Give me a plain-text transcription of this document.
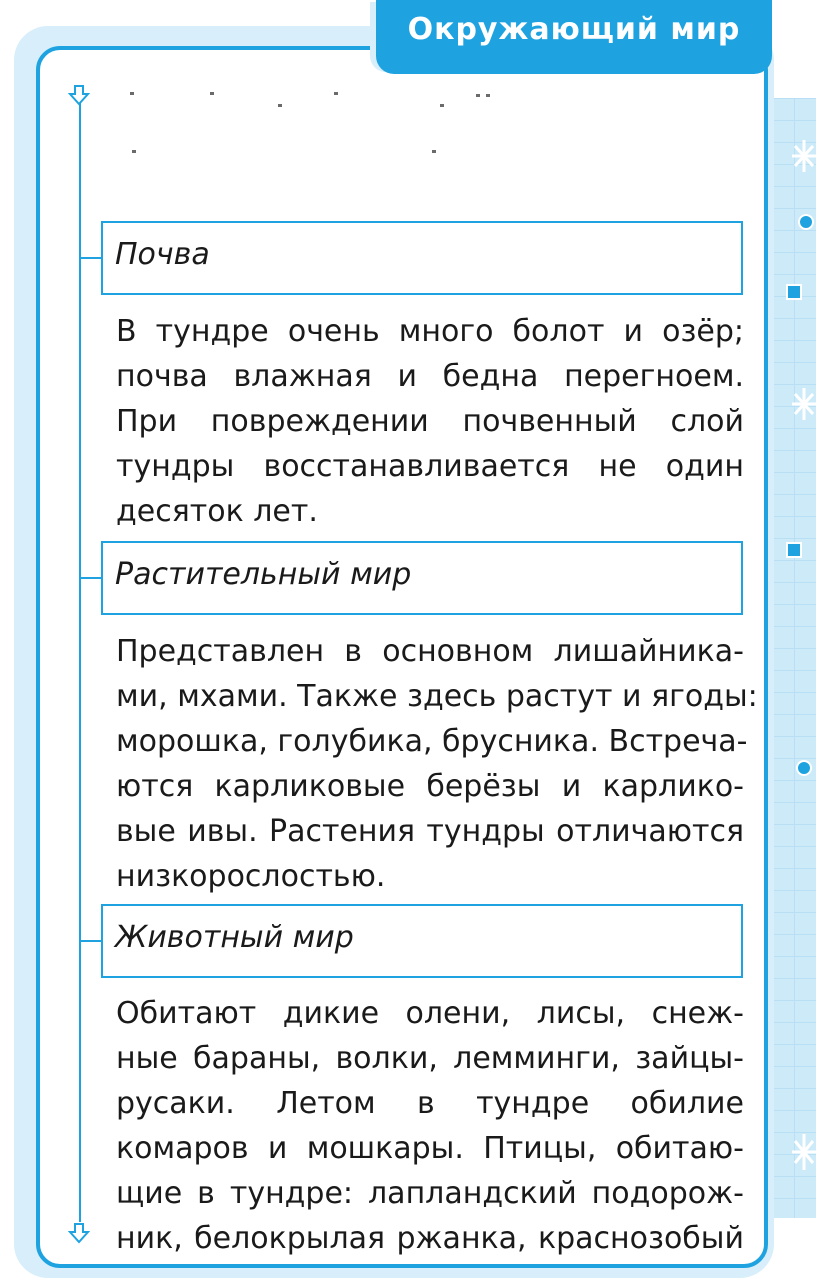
Окружающий мир
Почва
В тундре очень много болот и озёр;
почва влажная и бедна перегноем.
При повреждении почвенный слой
тундры восстанавливается не один
десяток лет.
Растительный мир
Представлен в основном лишайника-
ми, мхами. Также здесь растут и ягоды:
морошка, голубика, брусника. Встреча-
ются карликовые берёзы и карлико-
вые ивы. Растения тундры отличаются
низкорослостью.
Животный мир
Обитают дикие олени, лисы, снеж-
ные бараны, волки, лемминги, зайцы-
русаки. Летом в тундре обилие
комаров и мошкары. Птицы, обитаю-
щие в тундре: лапландский подорож-
ник, белокрылая ржанка, краснозобый
